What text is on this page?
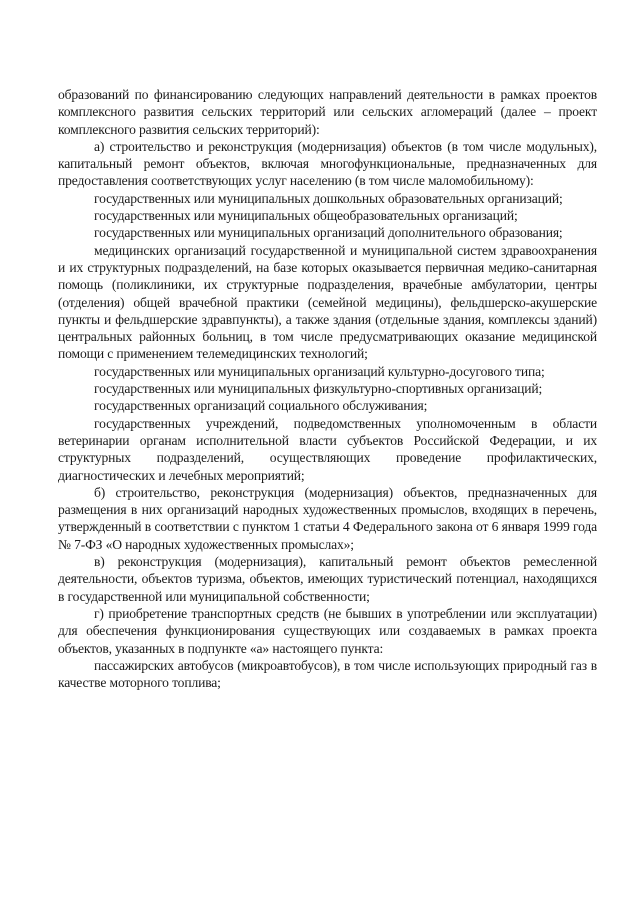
образований по финансированию следующих направлений деятельности в рамках проектов комплексного развития сельских территорий или сельских агломераций (далее – проект комплексного развития сельских территорий):

а) строительство и реконструкция (модернизация) объектов (в том числе модульных), капитальный ремонт объектов, включая многофункциональные, предназначенных для предоставления соответствующих услуг населению (в том числе маломобильному):

государственных или муниципальных дошкольных образовательных организаций;

государственных или муниципальных общеобразовательных организаций;

государственных или муниципальных организаций дополнительного образования;

медицинских организаций государственной и муниципальной систем здравоохранения и их структурных подразделений, на базе которых оказывается первичная медико-санитарная помощь (поликлиники, их структурные подразделения, врачебные амбулатории, центры (отделения) общей врачебной практики (семейной медицины), фельдшерско-акушерские пункты и фельдшерские здравпункты), а также здания (отдельные здания, комплексы зданий) центральных районных больниц, в том числе предусматривающих оказание медицинской помощи с применением телемедицинских технологий;

государственных или муниципальных организаций культурно-досугового типа;

государственных или муниципальных физкультурно-спортивных организаций;

государственных организаций социального обслуживания;

государственных учреждений, подведомственных уполномоченным в области ветеринарии органам исполнительной власти субъектов Российской Федерации, и их структурных подразделений, осуществляющих проведение профилактических, диагностических и лечебных мероприятий;

б) строительство, реконструкция (модернизация) объектов, предназначенных для размещения в них организаций народных художественных промыслов, входящих в перечень, утвержденный в соответствии с пунктом 1 статьи 4 Федерального закона от 6 января 1999 года № 7-ФЗ «О народных художественных промыслах»;

в) реконструкция (модернизация), капитальный ремонт объектов ремесленной деятельности, объектов туризма, объектов, имеющих туристический потенциал, находящихся в государственной или муниципальной собственности;

г) приобретение транспортных средств (не бывших в употреблении или эксплуатации) для обеспечения функционирования существующих или создаваемых в рамках проекта объектов, указанных в подпункте «а» настоящего пункта:

пассажирских автобусов (микроавтобусов), в том числе использующих природный газ в качестве моторного топлива;
